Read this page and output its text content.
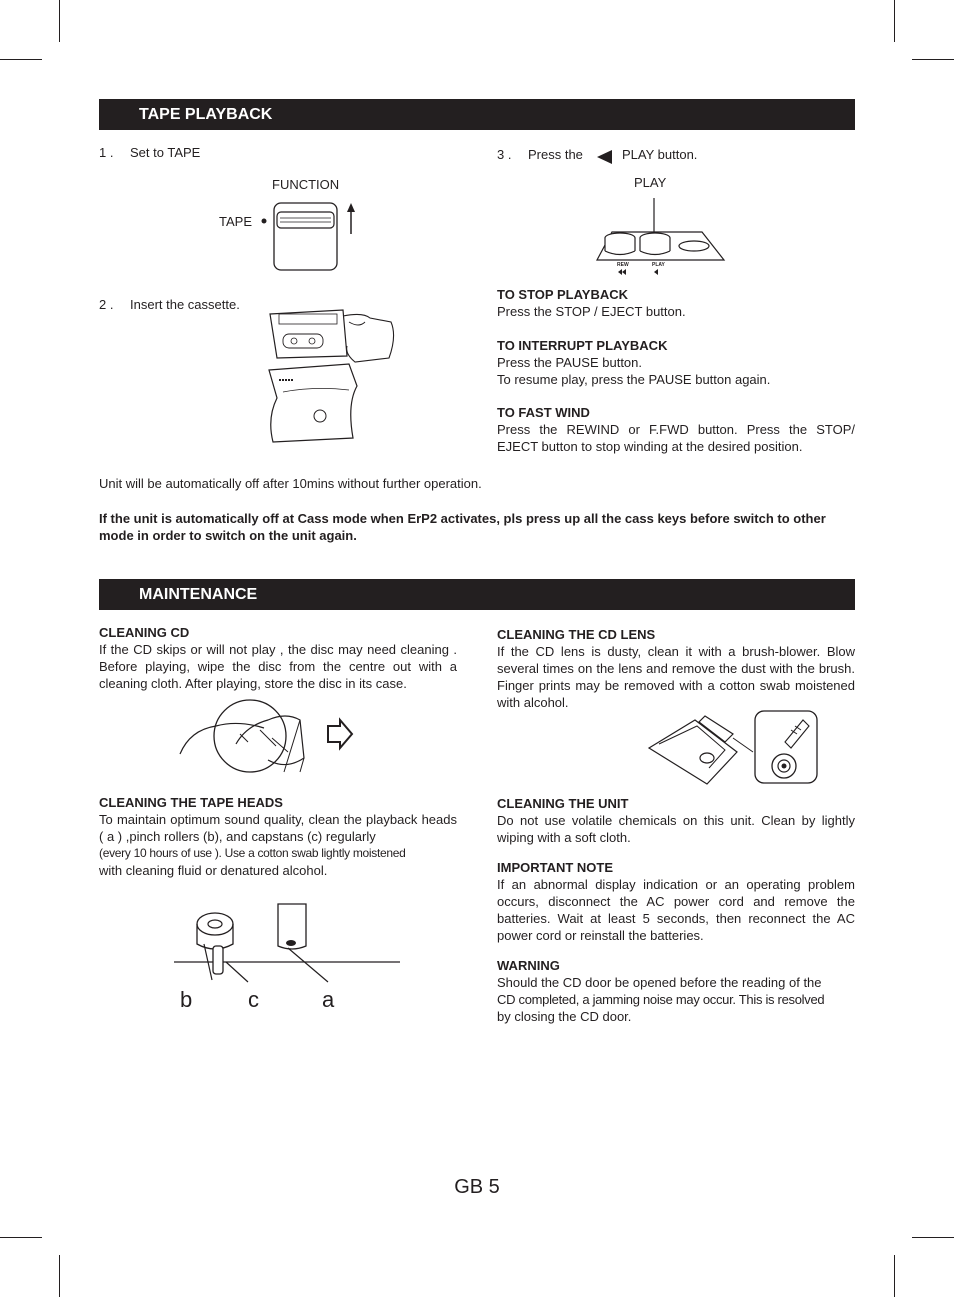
TAPE PLAYBACK
1 . Set to TAPE
FUNCTION
TAPE
2 . Insert the cassette.
3 . Press the	PLAY button.
PLAY
REW	PLAY
TO STOP PLAYBACK
Press the STOP / EJECT button.
TO INTERRUPT PLAYBACK
Press the PAUSE button.
To resume play, press the PAUSE button again.
TO FAST WIND
Press the REWIND or F.FWD button. Press the STOP/ EJECT button to stop winding at the desired position.
Unit will be automatically off after 10mins without further operation.
If the unit is automatically off at Cass mode when ErP2 activates, pls press up all the cass keys before switch to other mode in order to switch on the unit again.
MAINTENANCE
CLEANING CD
If the CD skips or will not play , the disc may need cleaning . Before playing, wipe the disc from the centre out with a cleaning cloth. After playing, store the disc in its case.
CLEANING THE TAPE HEADS
To maintain optimum sound quality, clean the playback heads ( a ) ,pinch rollers (b), and capstans (c) regularly
(every 10 hours of use ). Use a cotton swab lightly moistened
with cleaning fluid or denatured alcohol.
b	c	a
CLEANING THE CD LENS
If the CD lens is dusty, clean it with a brush-blower. Blow several times on the lens and remove the dust with the brush. Finger prints may be removed with a cotton swab moistened with alcohol.
CLEANING THE UNIT
Do not use volatile chemicals on this unit. Clean by lightly wiping with a soft cloth.
IMPORTANT NOTE
If an abnormal display indication or an operating problem occurs, disconnect the AC power cord and remove the batteries. Wait at least 5 seconds, then reconnect the AC power cord or reinstall the batteries.
WARNING
Should the CD door be opened before the reading of the
CD completed, a jamming noise may occur. This is resolved
by closing the CD door.
GB 5
